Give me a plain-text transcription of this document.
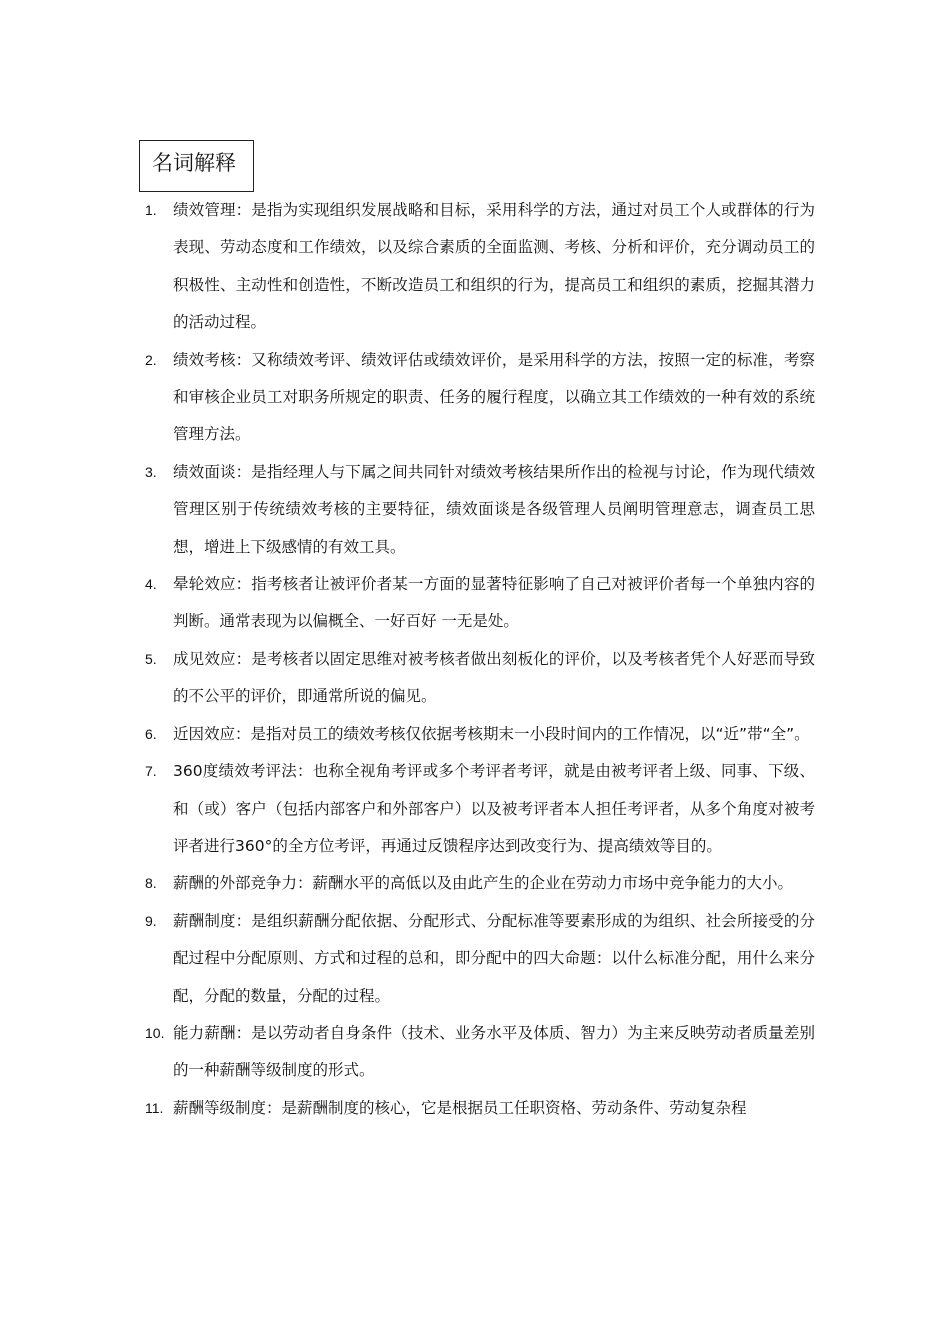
名词解释
1. 绩效管理：是指为实现组织发展战略和目标，采用科学的方法，通过对员工个人或群体的行为表现、劳动态度和工作绩效，以及综合素质的全面监测、考核、分析和评价，充分调动员工的积极性、主动性和创造性，不断改造员工和组织的行为，提高员工和组织的素质，挖掘其潜力的活动过程。
2. 绩效考核：又称绩效考评、绩效评估或绩效评价，是采用科学的方法，按照一定的标准，考察和审核企业员工对职务所规定的职责、任务的履行程度，以确立其工作绩效的一种有效的系统管理方法。
3. 绩效面谈：是指经理人与下属之间共同针对绩效考核结果所作出的检视与讨论，作为现代绩效管理区别于传统绩效考核的主要特征，绩效面谈是各级管理人员阐明管理意志，调查员工思想，增进上下级感情的有效工具。
4. 晕轮效应：指考核者让被评价者某一方面的显著特征影响了自己对被评价者每一个单独内容的判断。通常表现为以偏概全、一好百好 一无是处。
5. 成见效应：是考核者以固定思维对被考核者做出刻板化的评价，以及考核者凭个人好恶而导致的不公平的评价，即通常所说的偏见。
6. 近因效应：是指对员工的绩效考核仅依据考核期末一小段时间内的工作情况，以“近”带“全”。
7. 360度绩效考评法：也称全视角考评或多个考评者考评，就是由被考评者上级、同事、下级、和（或）客户（包括内部客户和外部客户）以及被考评者本人担任考评者，从多个角度对被考评者进行360°的全方位考评，再通过反馈程序达到改变行为、提高绩效等目的。
8. 薪酬的外部竞争力：薪酬水平的高低以及由此产生的企业在劳动力市场中竞争能力的大小。
9. 薪酬制度：是组织薪酬分配依据、分配形式、分配标准等要素形成的为组织、社会所接受的分配过程中分配原则、方式和过程的总和，即分配中的四大命题：以什么标准分配，用什么来分配，分配的数量，分配的过程。
10. 能力薪酬：是以劳动者自身条件（技术、业务水平及体质、智力）为主来反映劳动者质量差别的一种薪酬等级制度的形式。
11. 薪酬等级制度：是薪酬制度的核心，它是根据员工任职资格、劳动条件、劳动复杂程
